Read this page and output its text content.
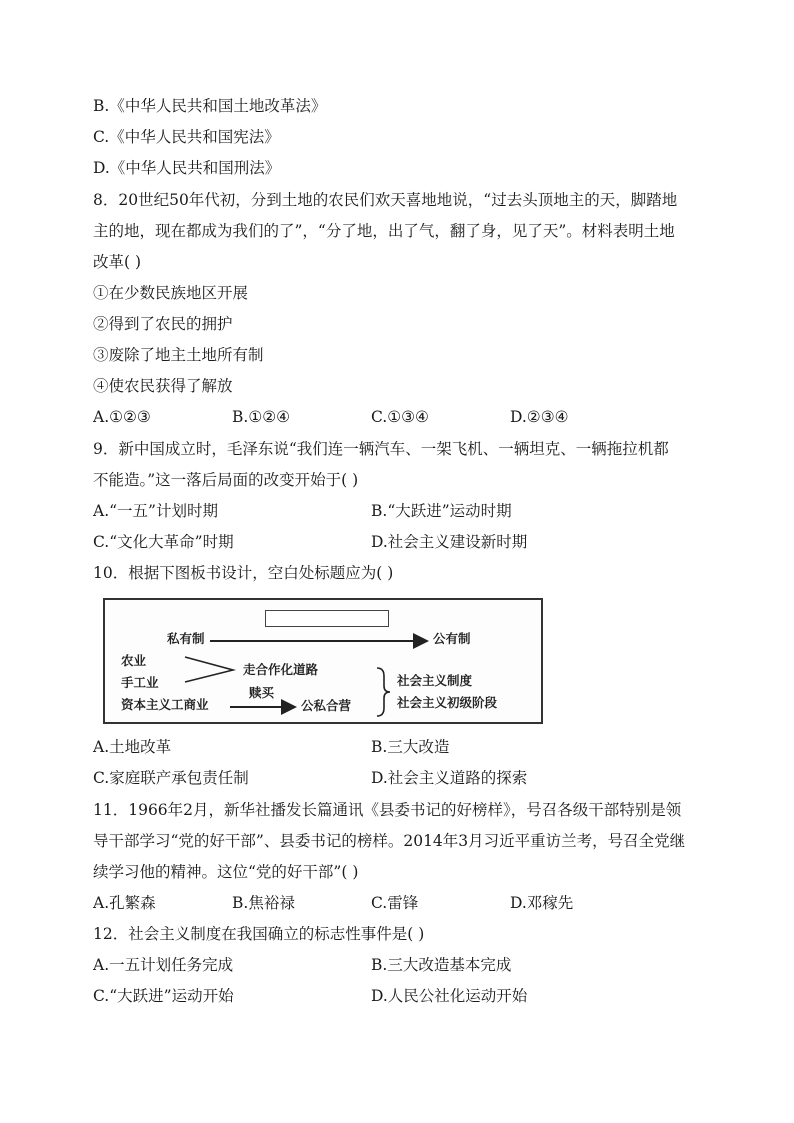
B.《中华人民共和国土地改革法》
C.《中华人民共和国宪法》
D.《中华人民共和国刑法》
8．20世纪50年代初，分到土地的农民们欢天喜地地说，“过去头顶地主的天，脚踏地
主的地，现在都成为我们的了”，“分了地，出了气，翻了身，见了天”。材料表明土地
改革( )
①在少数民族地区开展
②得到了农民的拥护
③废除了地主土地所有制
④使农民获得了解放
A.①②③	B.①②④	C.①③④	D.②③④
9．新中国成立时，毛泽东说“我们连一辆汽车、一架飞机、一辆坦克、一辆拖拉机都
不能造。”这一落后局面的改变开始于( )
A.“一五”计划时期	B.“大跃进”运动时期
C.“文化大革命”时期	D.社会主义建设新时期
10．根据下图板书设计，空白处标题应为( )
私有制	公有制
农业
手工业
资本主义工商业
走合作化道路
赎买
公私合营
社会主义制度
社会主义初级阶段
A.土地改革	B.三大改造
C.家庭联产承包责任制	D.社会主义道路的探索
11．1966年2月，新华社播发长篇通讯《县委书记的好榜样》，号召各级干部特别是领
导干部学习“党的好干部”、县委书记的榜样。2014年3月习近平重访兰考，号召全党继
续学习他的精神。这位“党的好干部”( )
A.孔繁森	B.焦裕禄	C.雷锋	D.邓稼先
12．社会主义制度在我国确立的标志性事件是( )
A.一五计划任务完成	B.三大改造基本完成
C.“大跃进”运动开始	D.人民公社化运动开始
